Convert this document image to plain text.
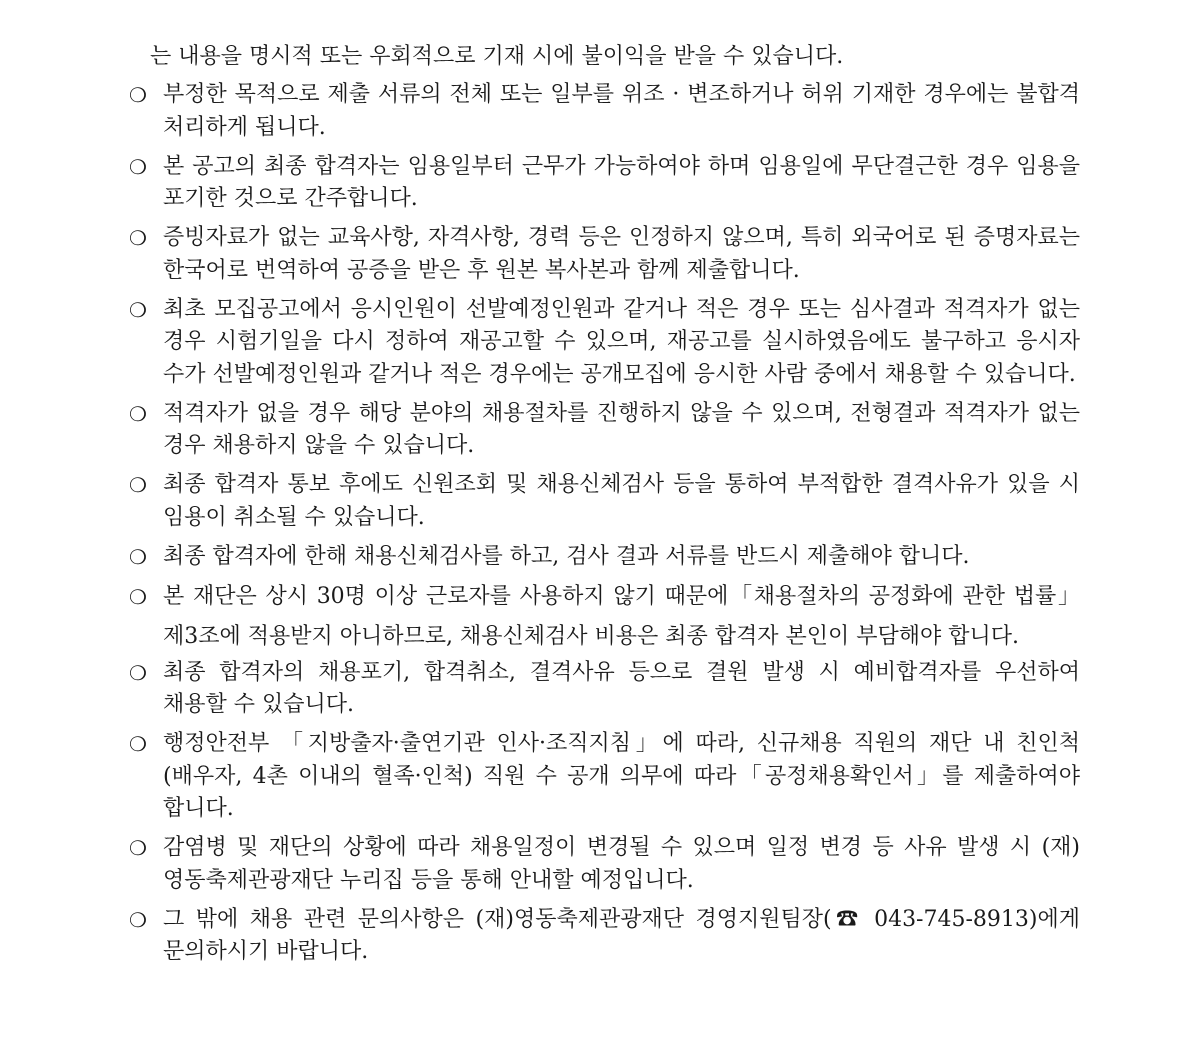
는 내용을 명시적 또는 우회적으로 기재 시에 불이익을 받을 수 있습니다.
❍ 부정한 목적으로 제출 서류의 전체 또는 일부를 위조 · 변조하거나 허위 기재한 경우에는 불합격 처리하게 됩니다.
❍ 본 공고의 최종 합격자는 임용일부터 근무가 가능하여야 하며 임용일에 무단결근한 경우 임용을 포기한 것으로 간주합니다.
❍ 증빙자료가 없는 교육사항, 자격사항, 경력 등은 인정하지 않으며, 특히 외국어로 된 증명자료는 한국어로 번역하여 공증을 받은 후 원본 복사본과 함께 제출합니다.
❍ 최초 모집공고에서 응시인원이 선발예정인원과 같거나 적은 경우 또는 심사결과 적격자가 없는 경우 시험기일을 다시 정하여 재공고할 수 있으며, 재공고를 실시하였음에도 불구하고 응시자 수가 선발예정인원과 같거나 적은 경우에는 공개모집에 응시한 사람 중에서 채용할 수 있습니다.
❍ 적격자가 없을 경우 해당 분야의 채용절차를 진행하지 않을 수 있으며, 전형결과 적격자가 없는 경우 채용하지 않을 수 있습니다.
❍ 최종 합격자 통보 후에도 신원조회 및 채용신체검사 등을 통하여 부적합한 결격사유가 있을 시 임용이 취소될 수 있습니다.
❍ 최종 합격자에 한해 채용신체검사를 하고, 검사 결과 서류를 반드시 제출해야 합니다.
❍ 본 재단은 상시 30명 이상 근로자를 사용하지 않기 때문에「채용절차의 공정화에 관한 법률」제3조에 적용받지 아니하므로, 채용신체검사 비용은 최종 합격자 본인이 부담해야 합니다.
❍ 최종 합격자의 채용포기, 합격취소, 결격사유 등으로 결원 발생 시 예비합격자를 우선하여 채용할 수 있습니다.
❍ 행정안전부 「지방출자·출연기관 인사·조직지침」에 따라, 신규채용 직원의 재단 내 친인척(배우자, 4촌 이내의 혈족·인척) 직원 수 공개 의무에 따라「공정채용확인서」를 제출하여야 합니다.
❍ 감염병 및 재단의 상황에 따라 채용일정이 변경될 수 있으며 일정 변경 등 사유 발생 시 (재)영동축제관광재단 누리집 등을 통해 안내할 예정입니다.
❍ 그 밖에 채용 관련 문의사항은 (재)영동축제관광재단 경영지원팀장(☎ 043-745-8913)에게 문의하시기 바랍니다.
